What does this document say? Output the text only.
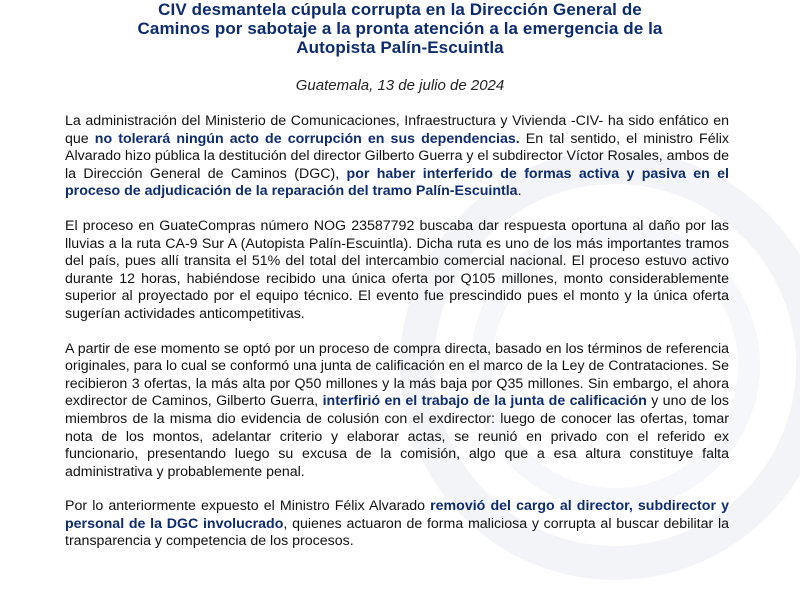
CIV desmantela cúpula corrupta en la Dirección General de
Caminos por sabotaje a la pronta atención a la emergencia de la
Autopista Palín-Escuintla

Guatemala, 13 de julio de 2024

La administración del Ministerio de Comunicaciones, Infraestructura y Vivienda -CIV- ha sido enfático en que no tolerará ningún acto de corrupción en sus dependencias. En tal sentido, el ministro Félix Alvarado hizo pública la destitución del director Gilberto Guerra y el subdirector Víctor Rosales, ambos de la Dirección General de Caminos (DGC), por haber interferido de formas activa y pasiva en el proceso de adjudicación de la reparación del tramo Palín-Escuintla.

El proceso en GuateCompras número NOG 23587792 buscaba dar respuesta oportuna al daño por las lluvias a la ruta CA-9 Sur A (Autopista Palín-Escuintla). Dicha ruta es uno de los más importantes tramos del país, pues allí transita el 51% del total del intercambio comercial nacional. El proceso estuvo activo durante 12 horas, habiéndose recibido una única oferta por Q105 millones, monto considerablemente superior al proyectado por el equipo técnico. El evento fue prescindido pues el monto y la única oferta sugerían actividades anticompetitivas.

A partir de ese momento se optó por un proceso de compra directa, basado en los términos de referencia originales, para lo cual se conformó una junta de calificación en el marco de la Ley de Contrataciones. Se recibieron 3 ofertas, la más alta por Q50 millones y la más baja por Q35 millones. Sin embargo, el ahora exdirector de Caminos, Gilberto Guerra, interfirió en el trabajo de la junta de calificación y uno de los miembros de la misma dio evidencia de colusión con el exdirector: luego de conocer las ofertas, tomar nota de los montos, adelantar criterio y elaborar actas, se reunió en privado con el referido ex funcionario, presentando luego su excusa de la comisión, algo que a esa altura constituye falta administrativa y probablemente penal.

Por lo anteriormente expuesto el Ministro Félix Alvarado removió del cargo al director, subdirector y personal de la DGC involucrado, quienes actuaron de forma maliciosa y corrupta al buscar debilitar la transparencia y competencia de los procesos.
